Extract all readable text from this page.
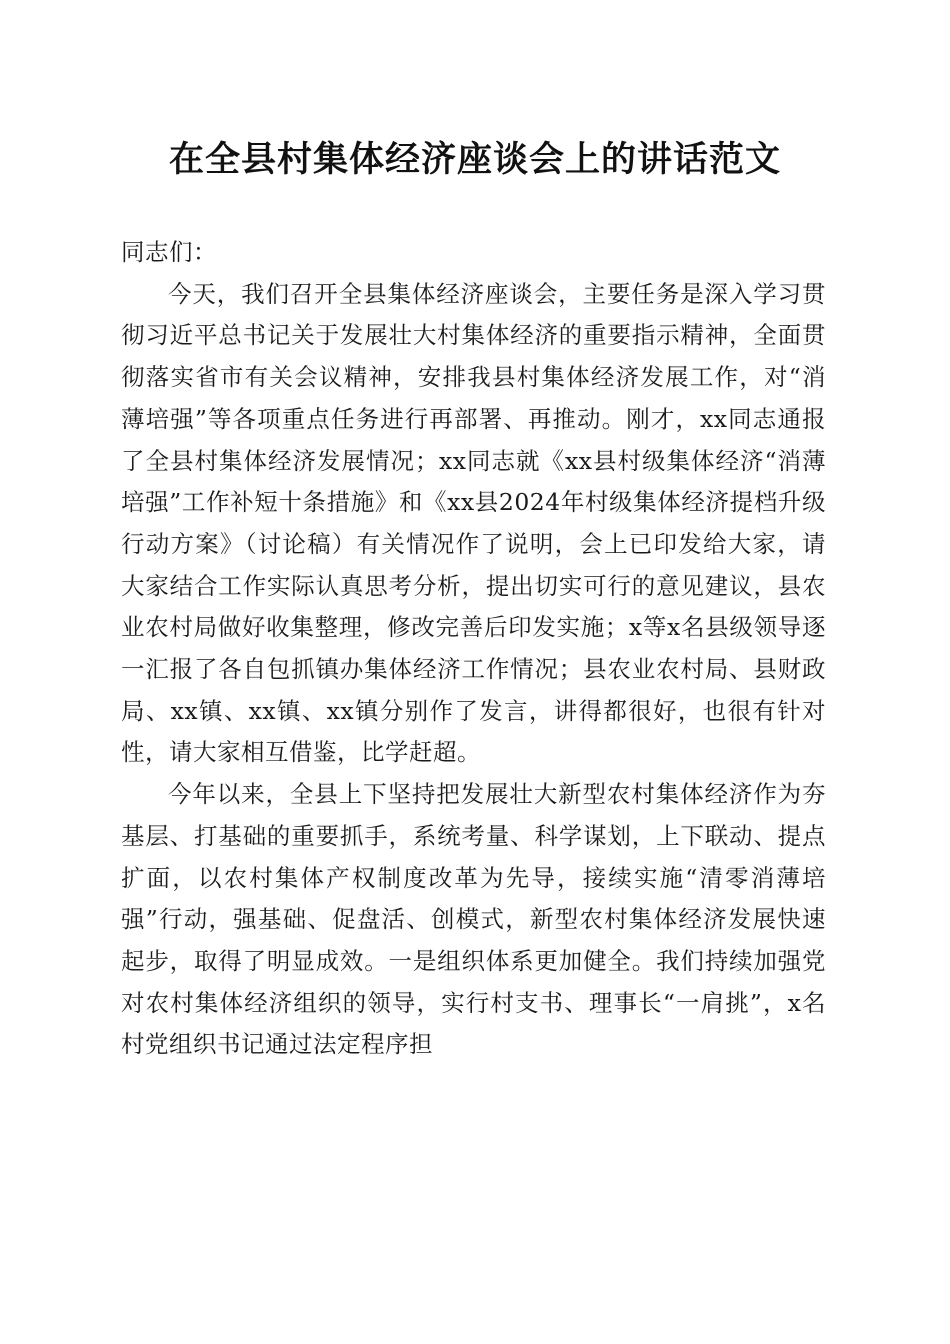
在全县村集体经济座谈会上的讲话范文

同志们：

今天，我们召开全县集体经济座谈会，主要任务是深入学习贯彻习近平总书记关于发展壮大村集体经济的重要指示精神，全面贯彻落实省市有关会议精神，安排我县村集体经济发展工作，对“消薄培强”等各项重点任务进行再部署、再推动。刚才，xx同志通报了全县村集体经济发展情况；xx同志就《xx县村级集体经济“消薄培强”工作补短十条措施》和《xx县2024年村级集体经济提档升级行动方案》（讨论稿）有关情况作了说明，会上已印发给大家，请大家结合工作实际认真思考分析，提出切实可行的意见建议，县农业农村局做好收集整理，修改完善后印发实施；x等x名县级领导逐一汇报了各自包抓镇办集体经济工作情况；县农业农村局、县财政局、xx镇、xx镇、xx镇分别作了发言，讲得都很好，也很有针对性，请大家相互借鉴，比学赶超。

今年以来，全县上下坚持把发展壮大新型农村集体经济作为夯基层、打基础的重要抓手，系统考量、科学谋划，上下联动、提点扩面，以农村集体产权制度改革为先导，接续实施“清零消薄培强”行动，强基础、促盘活、创模式，新型农村集体经济发展快速起步，取得了明显成效。一是组织体系更加健全。我们持续加强党对农村集体经济组织的领导，实行村支书、理事长“一肩挑”，x名村党组织书记通过法定程序担
